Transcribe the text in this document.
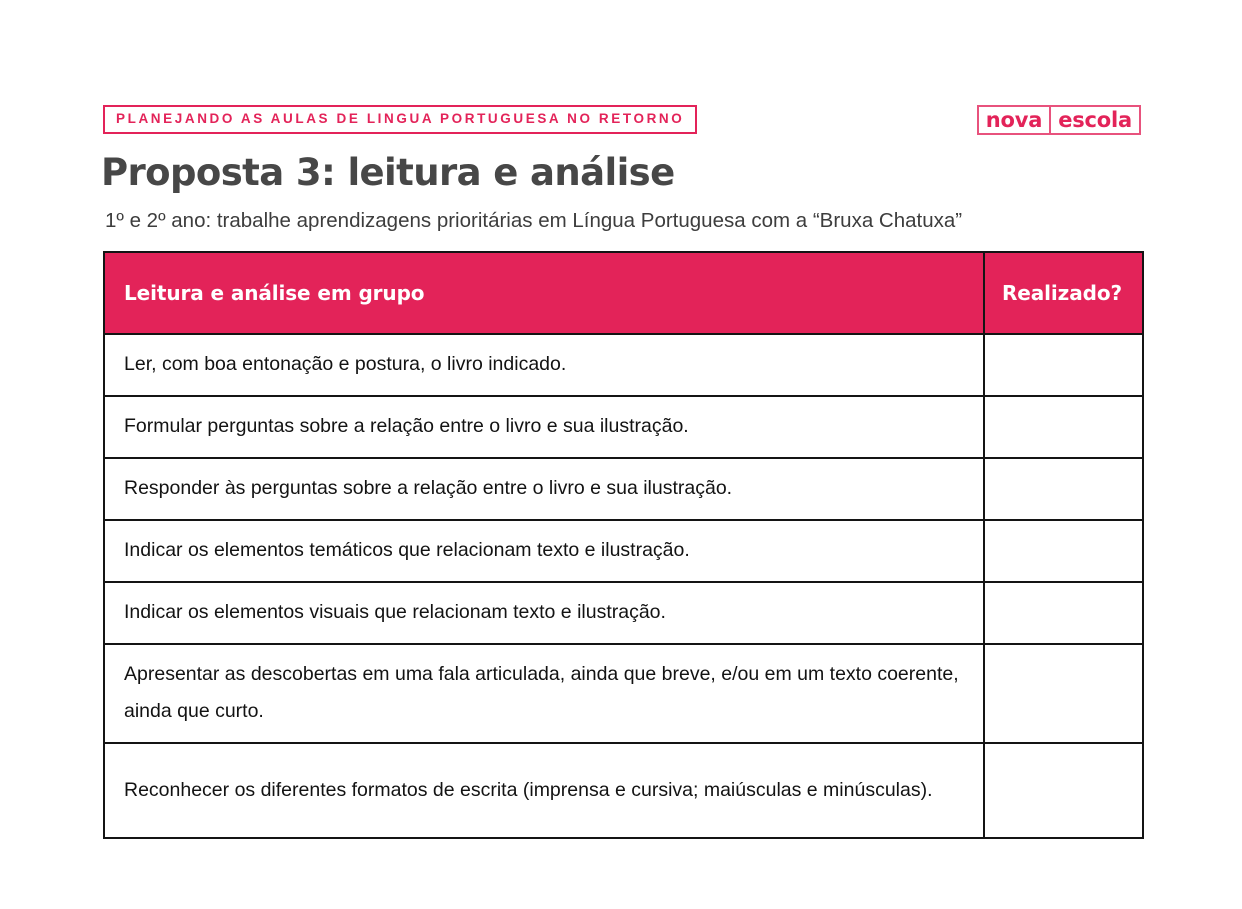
PLANEJANDO AS AULAS DE LINGUA PORTUGUESA NO RETORNO	nova escola
Proposta 3: leitura e análise

1º e 2º ano: trabalhe aprendizagens prioritárias em Língua Portuguesa com a “Bruxa Chatuxa”

Leitura e análise em grupo	Realizado?

Ler, com boa entonação e postura, o livro indicado.	
Formular perguntas sobre a relação entre o livro e sua ilustração.	
Responder às perguntas sobre a relação entre o livro e sua ilustração.	
Indicar os elementos temáticos que relacionam texto e ilustração.	
Indicar os elementos visuais que relacionam texto e ilustração.	
Apresentar as descobertas em uma fala articulada, ainda que breve, e/ou em um texto coerente, ainda que curto.	
Reconhecer os diferentes formatos de escrita (imprensa e cursiva; maiúsculas e minúsculas).	
